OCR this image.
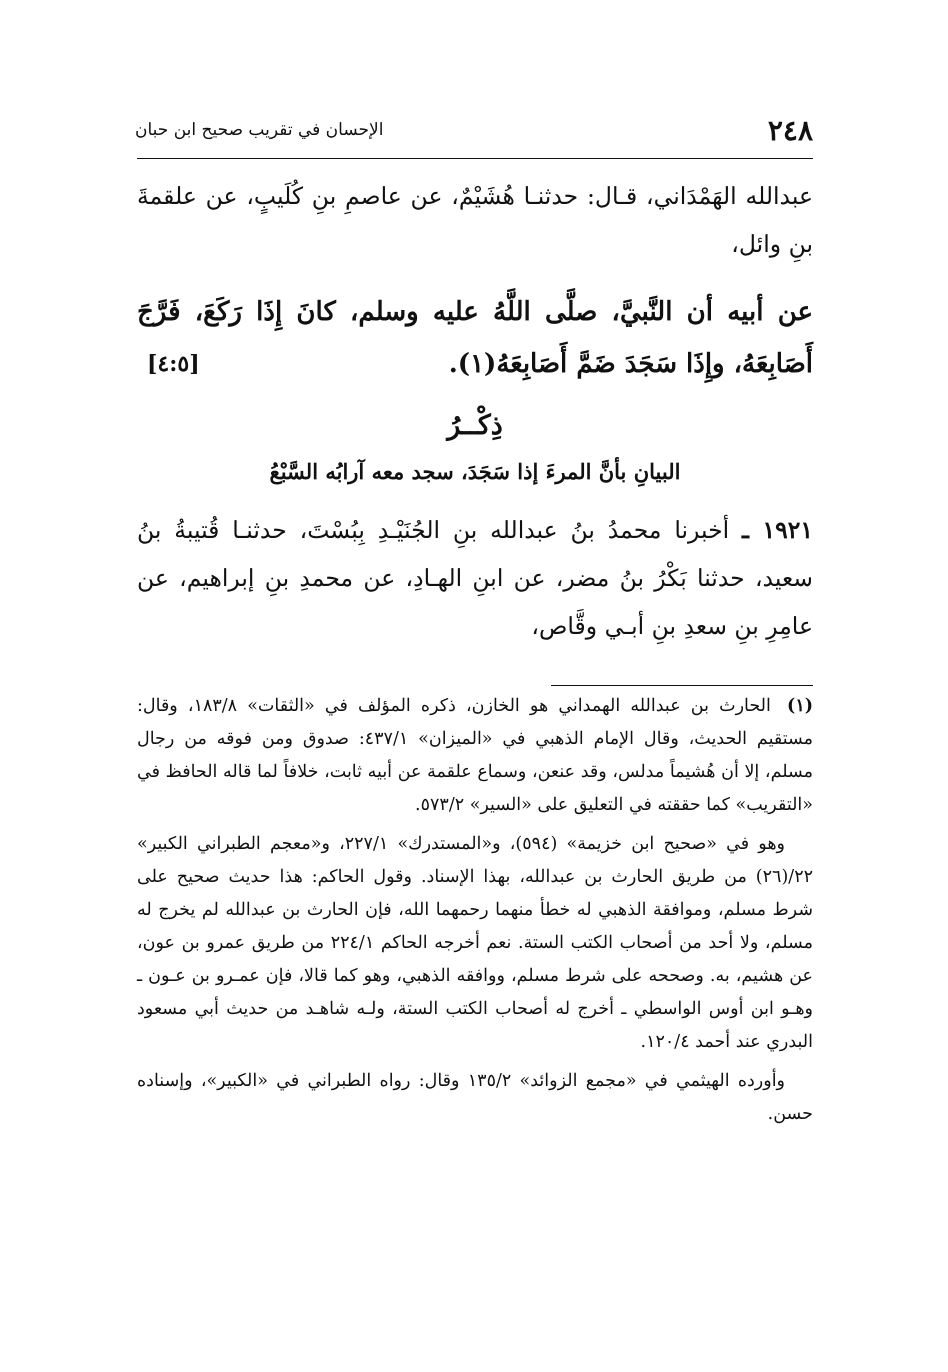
٢٤٨
الإحسان في تقريب صحيح ابن حبان

عبدالله الهَمْدَاني، قـال: حدثنـا هُشَيْمٌ، عن عاصمِ بنِ كُلَيبٍ، عن علقمةَ بنِ وائل،

عن أبيه أن النَّبيَّ، صلَّى اللَّهُ عليه وسلم، كانَ إِذَا رَكَعَ، فَرَّجَ أَصَابِعَهُ، وإِذَا سَجَدَ ضَمَّ أَصَابِعَهُ(١).
[٤:٥]

ذِكْــرُ
البيانِ بأنَّ المرءَ إذا سَجَدَ، سجد معه آرابُه السَّبْعُ

١٩٢١ ـ أخبرنا محمدُ بنُ عبدالله بنِ الجُنَيْـدِ بِبُسْتَ، حدثنـا قُتيبةُ بنُ سعيد، حدثنا بَكْرُ بنُ مضر، عن ابنِ الهـادِ، عن محمدِ بنِ إبراهيم، عن عامِرِ بنِ سعدِ بنِ أبـي وقَّاص،

(١) الحارث بن عبدالله الهمداني هو الخازن، ذكره المؤلف في «الثقات» ١٨٣/٨، وقال: مستقيم الحديث، وقال الإمام الذهبي في «الميزان» ٤٣٧/١: صدوق ومن فوقه من رجال مسلم، إلا أن هُشيماً مدلس، وقد عنعن، وسماع علقمة عن أبيه ثابت، خلافاً لما قاله الحافظ في «التقريب» كما حققته في التعليق على «السير» ٥٧٣/٢.

وهو في «صحيح ابن خزيمة» (٥٩٤)، و«المستدرك» ٢٢٧/١، و«معجم الطبراني الكبير» ٢٢/(٢٦) من طريق الحارث بن عبدالله، بهذا الإسناد. وقول الحاكم: هذا حديث صحيح على شرط مسلم، وموافقة الذهبي له خطأ منهما رحمهما الله، فإن الحارث بن عبدالله لم يخرج له مسلم، ولا أحد من أصحاب الكتب الستة. نعم أخرجه الحاكم ٢٢٤/١ من طريق عمرو بن عون، عن هشيم، به. وصححه على شرط مسلم، ووافقه الذهبي، وهو كما قالا، فإن عمـرو بن عـون ـ وهـو ابن أوس الواسطي ـ أخرج له أصحاب الكتب الستة، ولـه شاهـد من حديث أبي مسعود البدري عند أحمد ١٢٠/٤.

وأورده الهيثمي في «مجمع الزوائد» ١٣٥/٢ وقال: رواه الطبراني في «الكبير»، وإسناده حسن.
